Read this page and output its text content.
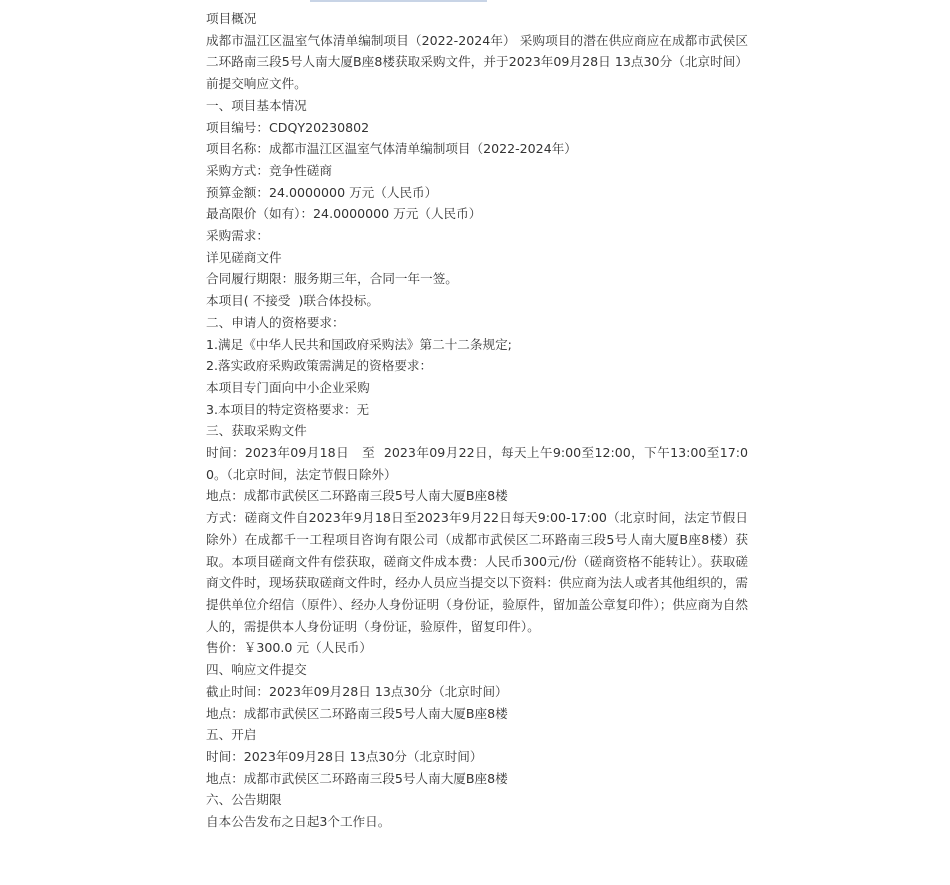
项目概况
成都市温江区温室气体清单编制项目（2022-2024年） 采购项目的潜在供应商应在成都市武侯区二环路南三段5号人南大厦B座8楼获取采购文件，并于2023年09月28日 13点30分（北京时间）前提交响应文件。
一、项目基本情况
项目编号：CDQY20230802
项目名称：成都市温江区温室气体清单编制项目（2022-2024年）
采购方式：竞争性磋商
预算金额：24.0000000 万元（人民币）
最高限价（如有）：24.0000000 万元（人民币）
采购需求：
详见磋商文件
合同履行期限：服务期三年，合同一年一签。
本项目( 不接受  )联合体投标。
二、申请人的资格要求：
1.满足《中华人民共和国政府采购法》第二十二条规定;
2.落实政府采购政策需满足的资格要求：
本项目专门面向中小企业采购
3.本项目的特定资格要求：无
三、获取采购文件
时间：2023年09月18日   至  2023年09月22日，每天上午9:00至12:00，下午13:00至17:00。（北京时间，法定节假日除外）
地点：成都市武侯区二环路南三段5号人南大厦B座8楼
方式：磋商文件自2023年9月18日至2023年9月22日每天9:00-17:00（北京时间，法定节假日除外）在成都千一工程项目咨询有限公司（成都市武侯区二环路南三段5号人南大厦B座8楼）获取。本项目磋商文件有偿获取，磋商文件成本费：人民币300元/份（磋商资格不能转让）。获取磋商文件时，现场获取磋商文件时，经办人员应当提交以下资料：供应商为法人或者其他组织的，需提供单位介绍信（原件）、经办人身份证明（身份证，验原件，留加盖公章复印件）；供应商为自然人的，需提供本人身份证明（身份证，验原件，留复印件）。
售价：￥300.0 元（人民币）
四、响应文件提交
截止时间：2023年09月28日 13点30分（北京时间）
地点：成都市武侯区二环路南三段5号人南大厦B座8楼
五、开启
时间：2023年09月28日 13点30分（北京时间）
地点：成都市武侯区二环路南三段5号人南大厦B座8楼
六、公告期限
自本公告发布之日起3个工作日。
